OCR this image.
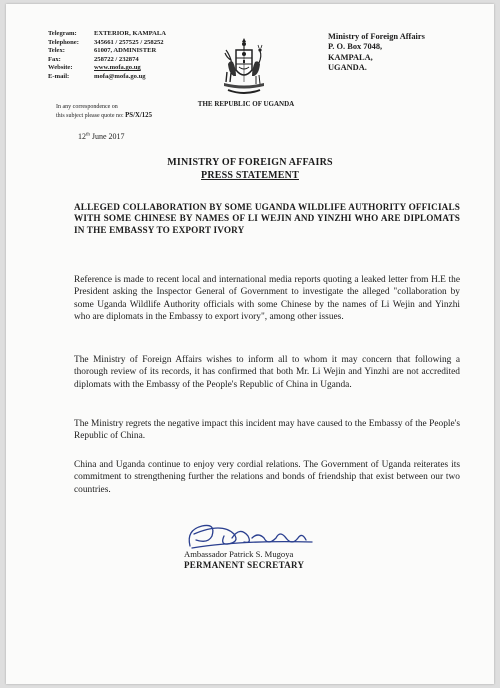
Telegram:	EXTERIOR, KAMPALA
Telephone:	345661 / 257525 / 258252
Telex:	61007, ADMINISTER
Fax:	258722 / 232874
Website:	www.mofa.go.ug
E-mail:	mofa@mofa.go.ug
THE REPUBLIC OF UGANDA
Ministry of Foreign Affairs
P. O. Box 7048,
KAMPALA,
UGANDA.
In any correspondence on
this subject please quote no: PS/X/125
12th June 2017
MINISTRY OF FOREIGN AFFAIRS
PRESS STATEMENT
ALLEGED COLLABORATION BY SOME UGANDA WILDLIFE AUTHORITY OFFICIALS WITH SOME CHINESE BY NAMES OF LI WEJIN AND YINZHI WHO ARE DIPLOMATS IN THE EMBASSY TO EXPORT IVORY

Reference is made to recent local and international media reports quoting a leaked letter from H.E the President asking the Inspector General of Government to investigate the alleged "collaboration by some Uganda Wildlife Authority officials with some Chinese by the names of Li Wejin and Yinzhi who are diplomats in the Embassy to export ivory", among other issues.

The Ministry of Foreign Affairs wishes to inform all to whom it may concern that following a thorough review of its records, it has confirmed that both Mr. Li Wejin and Yinzhi are not accredited diplomats with the Embassy of the People's Republic of China in Uganda.

The Ministry regrets the negative impact this incident may have caused to the Embassy of the People's Republic of China.

China and Uganda continue to enjoy very cordial relations. The Government of Uganda reiterates its commitment to strengthening further the relations and bonds of friendship that exist between our two countries.

Ambassador Patrick S. Mugoya
PERMANENT SECRETARY
